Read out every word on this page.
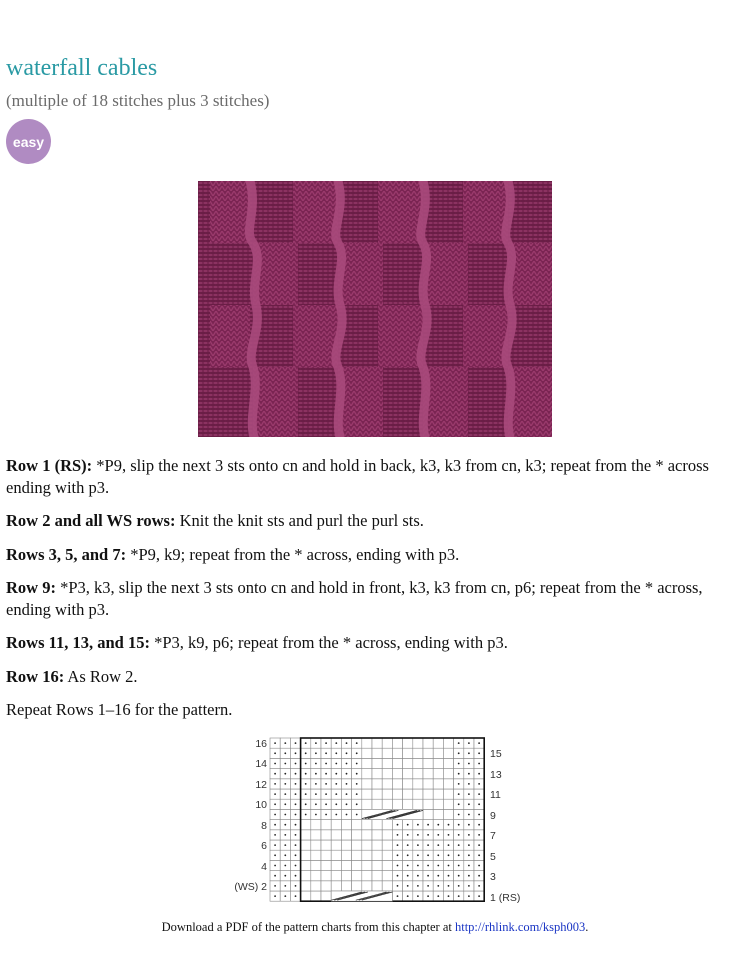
waterfall cables
(multiple of 18 stitches plus 3 stitches)
easy

Row 1 (RS): *P9, slip the next 3 sts onto cn and hold in back, k3, k3 from cn, k3; repeat from the * across ending with p3.

Row 2 and all WS rows: Knit the knit sts and purl the purl sts.

Rows 3, 5, and 7: *P9, k9; repeat from the * across, ending with p3.

Row 9: *P3, k3, slip the next 3 sts onto cn and hold in front, k3, k3 from cn, p6; repeat from the * across, ending with p3.

Rows 11, 13, and 15: *P3, k9, p6; repeat from the * across, ending with p3.

Row 16: As Row 2.

Repeat Rows 1–16 for the pattern.

16
14
12
10
8
6
4
(WS) 2
15
13
11
9
7
5
3
1 (RS)
Download a PDF of the pattern charts from this chapter at http://rhlink.com/ksph003.
